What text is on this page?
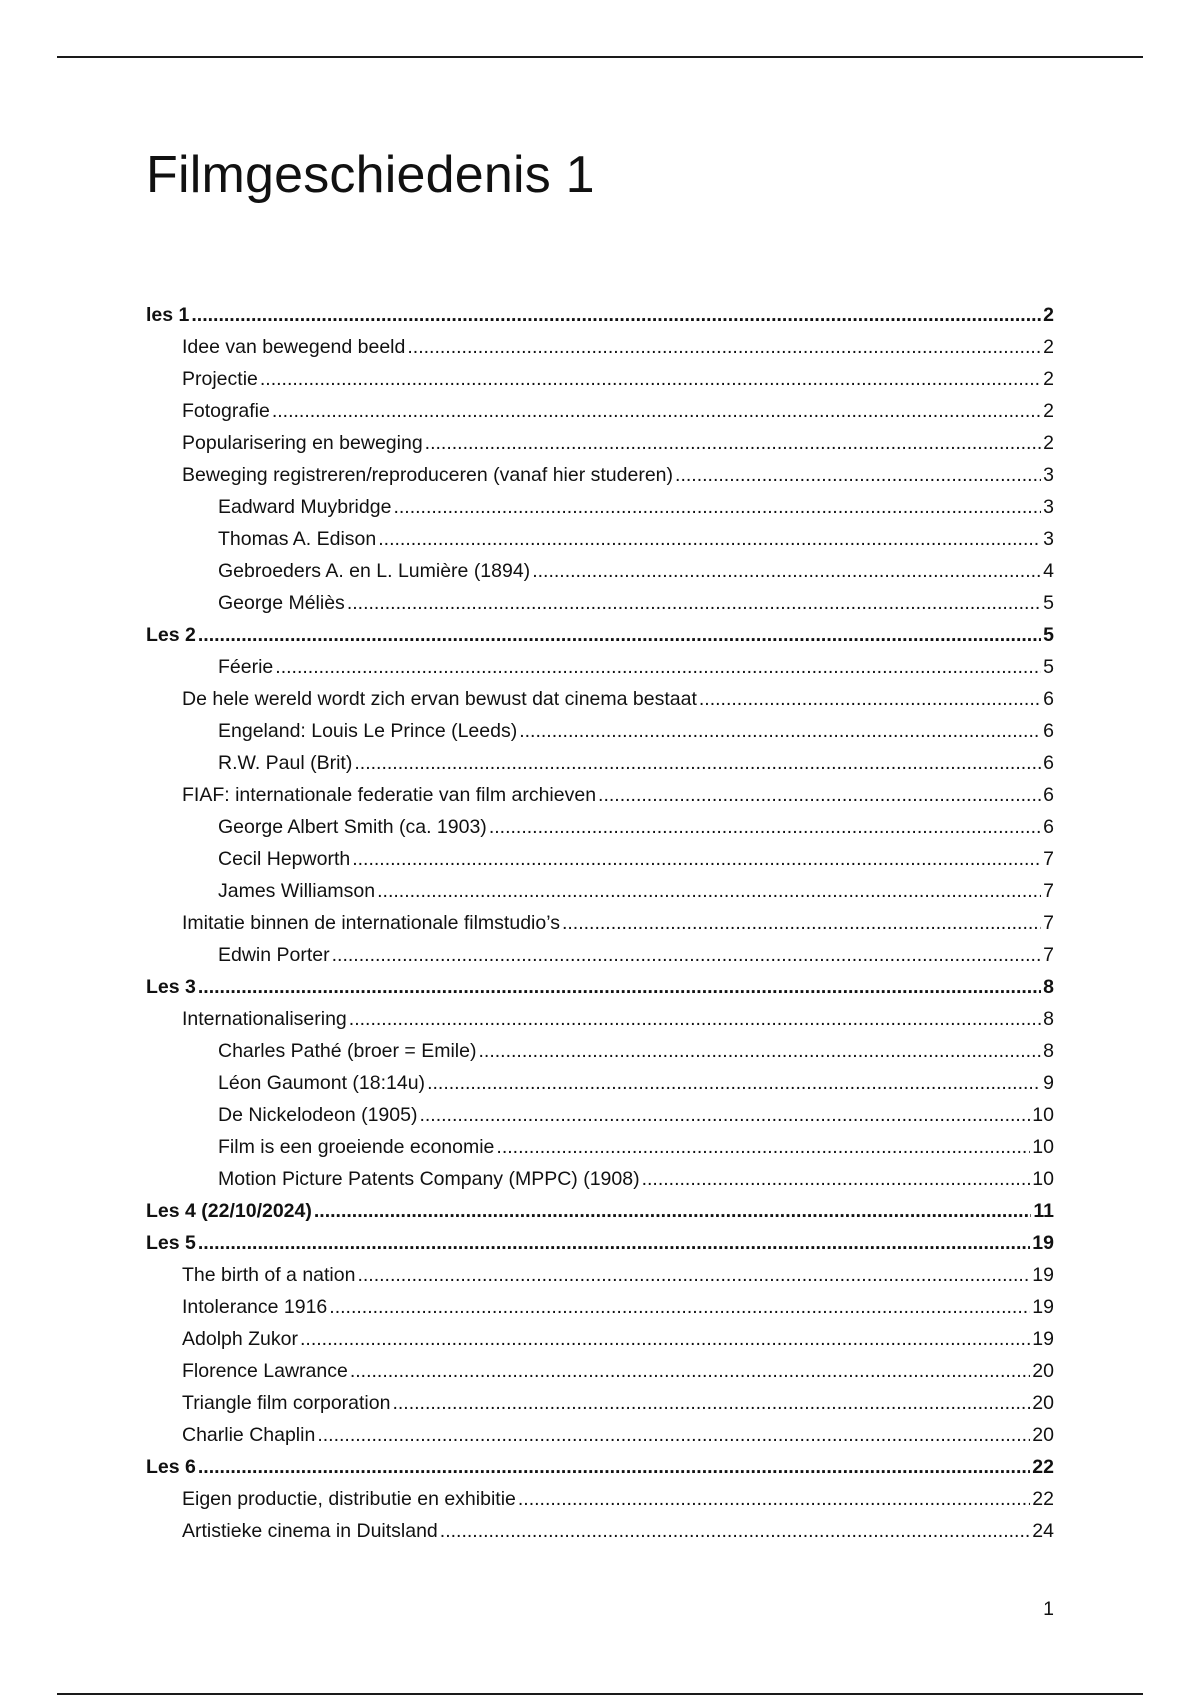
Filmgeschiedenis 1
les 1 .....	2
Idee van bewegend beeld .....	2
Projectie .....	2
Fotografie .....	2
Popularisering en beweging .....	2
Beweging registreren/reproduceren (vanaf hier studeren) .....	3
Eadward Muybridge .....	3
Thomas A. Edison .....	3
Gebroeders A. en L. Lumière (1894) .....	4
George Méliès .....	5
Les 2 .....	5
Féerie .....	5
De hele wereld wordt zich ervan bewust dat cinema bestaat .....	6
Engeland: Louis Le Prince (Leeds) .....	6
R.W. Paul (Brit) .....	6
FIAF: internationale federatie van film archieven .....	6
George Albert Smith (ca. 1903) .....	6
Cecil Hepworth .....	7
James Williamson .....	7
Imitatie binnen de internationale filmstudio’s .....	7
Edwin Porter .....	7
Les 3 .....	8
Internationalisering .....	8
Charles Pathé (broer = Emile) .....	8
Léon Gaumont (18:14u) .....	9
De Nickelodeon (1905) .....	10
Film is een groeiende economie .....	10
Motion Picture Patents Company (MPPC) (1908) .....	10
Les 4 (22/10/2024) .....	11
Les 5 .....	19
The birth of a nation .....	19
Intolerance 1916 .....	19
Adolph Zukor .....	19
Florence Lawrance .....	20
Triangle film corporation .....	20
Charlie Chaplin .....	20
Les 6 .....	22
Eigen productie, distributie en exhibitie .....	22
Artistieke cinema in Duitsland .....	24
1
